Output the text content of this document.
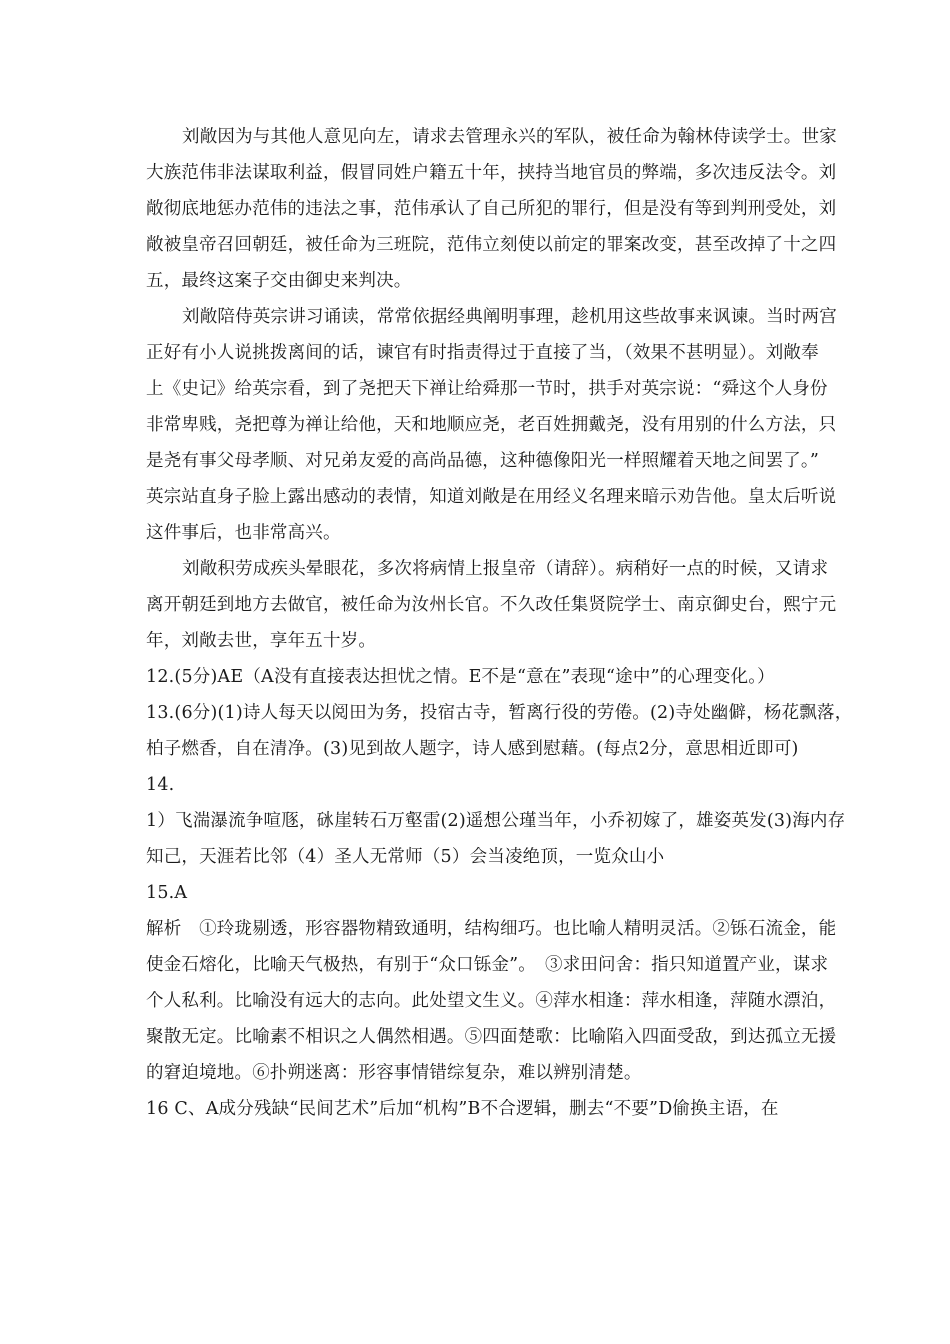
刘敞因为与其他人意见向左，请求去管理永兴的军队，被任命为翰林侍读学士。世家
大族范伟非法谋取利益，假冒同姓户籍五十年，挟持当地官员的弊端，多次违反法令。刘
敞彻底地惩办范伟的违法之事，范伟承认了自己所犯的罪行，但是没有等到判刑受处，刘
敞被皇帝召回朝廷，被任命为三班院，范伟立刻使以前定的罪案改变，甚至改掉了十之四
五，最终这案子交由御史来判决。
刘敞陪侍英宗讲习诵读，常常依据经典阐明事理，趁机用这些故事来讽谏。当时两宫
正好有小人说挑拨离间的话，谏官有时指责得过于直接了当，（效果不甚明显）。刘敞奉
上《史记》给英宗看，到了尧把天下禅让给舜那一节时，拱手对英宗说：“舜这个人身份
非常卑贱，尧把尊为禅让给他，天和地顺应尧，老百姓拥戴尧，没有用别的什么方法，只
是尧有事父母孝顺、对兄弟友爱的高尚品德，这种德像阳光一样照耀着天地之间罢了。”
英宗站直身子脸上露出感动的表情，知道刘敞是在用经义名理来暗示劝告他。皇太后听说
这件事后，也非常高兴。
刘敞积劳成疾头晕眼花，多次将病情上报皇帝（请辞）。病稍好一点的时候，又请求
离开朝廷到地方去做官，被任命为汝州长官。不久改任集贤院学士、南京御史台，熙宁元
年，刘敞去世，享年五十岁。
12.(5分)AE（A没有直接表达担忧之情。E不是“意在”表现“途中”的心理变化。）
13.(6分)(1)诗人每天以阅田为务，投宿古寺，暂离行役的劳倦。(2)寺处幽僻，杨花飘落，
柏子燃香，自在清净。(3)见到故人题字，诗人感到慰藉。(每点2分，意思相近即可)
14.
1）飞湍瀑流争喧豗，砯崖转石万壑雷(2)遥想公瑾当年，小乔初嫁了，雄姿英发(3)海内存
知己，天涯若比邻（4）圣人无常师（5）会当凌绝顶，一览众山小
15.A
解析　①玲珑剔透，形容器物精致通明，结构细巧。也比喻人精明灵活。②铄石流金，能
使金石熔化，比喻天气极热，有别于“众口铄金”。　③求田问舍：指只知道置产业，谋求
个人私利。比喻没有远大的志向。此处望文生义。④萍水相逢：萍水相逢，萍随水漂泊，
聚散无定。比喻素不相识之人偶然相遇。⑤四面楚歌：比喻陷入四面受敌，到达孤立无援
的窘迫境地。⑥扑朔迷离：形容事情错综复杂，难以辨别清楚。
16 C、A成分残缺“民间艺术”后加“机构”B不合逻辑，删去“不要”D偷换主语，在
